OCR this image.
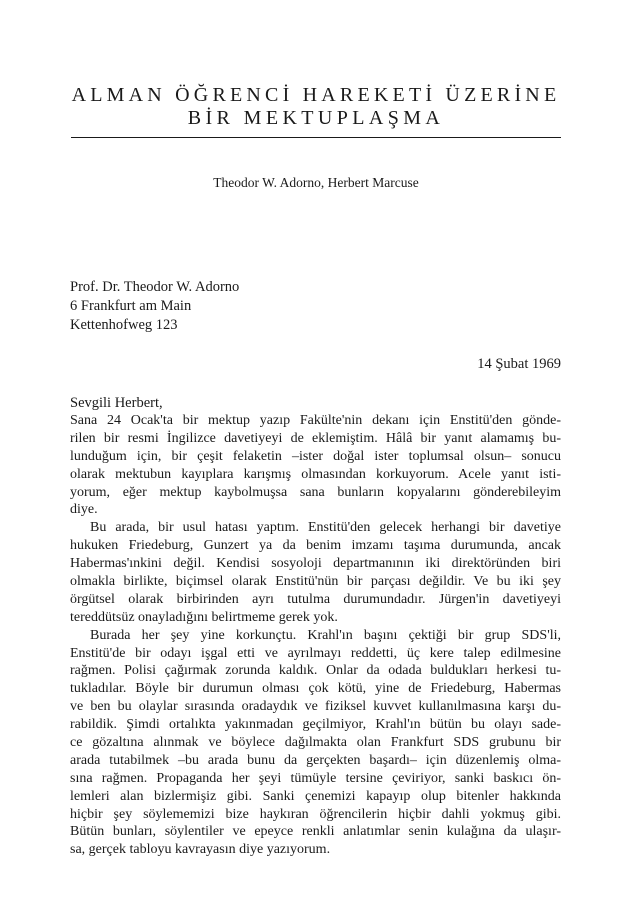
ALMAN ÖĞRENCİ HAREKETİ ÜZERİNE
BİR MEKTUPLAŞMA
Theodor W. Adorno, Herbert Marcuse
Prof. Dr. Theodor W. Adorno
6 Frankfurt am Main
Kettenhofweg 123
14 Şubat 1969
Sevgili Herbert,
Sana 24 Ocak'ta bir mektup yazıp Fakülte'nin dekanı için Enstitü'den gönde-
rilen bir resmi İngilizce davetiyeyi de eklemiştim. Hâlâ bir yanıt alamamış bu-
lunduğum için, bir çeşit felaketin –ister doğal ister toplumsal olsun– sonucu
olarak mektubun kayıplara karışmış olmasından korkuyorum. Acele yanıt isti-
yorum, eğer mektup kaybolmuşsa sana bunların kopyalarını gönderebileyim
diye.
Bu arada, bir usul hatası yaptım. Enstitü'den gelecek herhangi bir davetiye
hukuken Friedeburg, Gunzert ya da benim imzamı taşıma durumunda, ancak
Habermas'ınkini değil. Kendisi sosyoloji departmanının iki direktöründen biri
olmakla birlikte, biçimsel olarak Enstitü'nün bir parçası değildir. Ve bu iki şey
örgütsel olarak birbirinden ayrı tutulma durumundadır. Jürgen'in davetiyeyi
tereddütsüz onayladığını belirtmeme gerek yok.
Burada her şey yine korkunçtu. Krahl'ın başını çektiği bir grup SDS'li,
Enstitü'de bir odayı işgal etti ve ayrılmayı reddetti, üç kere talep edilmesine
rağmen. Polisi çağırmak zorunda kaldık. Onlar da odada buldukları herkesi tu-
tukladılar. Böyle bir durumun olması çok kötü, yine de Friedeburg, Habermas
ve ben bu olaylar sırasında oradaydık ve fiziksel kuvvet kullanılmasına karşı du-
rabildik. Şimdi ortalıkta yakınmadan geçilmiyor, Krahl'ın bütün bu olayı sade-
ce gözaltına alınmak ve böylece dağılmakta olan Frankfurt SDS grubunu bir
arada tutabilmek –bu arada bunu da gerçekten başardı– için düzenlemiş olma-
sına rağmen. Propaganda her şeyi tümüyle tersine çeviriyor, sanki baskıcı ön-
lemleri alan bizlermişiz gibi. Sanki çenemizi kapayıp olup bitenler hakkında
hiçbir şey söylememizi bize haykıran öğrencilerin hiçbir dahli yokmuş gibi.
Bütün bunları, söylentiler ve epeyce renkli anlatımlar senin kulağına da ulaşır-
sa, gerçek tabloyu kavrayasın diye yazıyorum.
